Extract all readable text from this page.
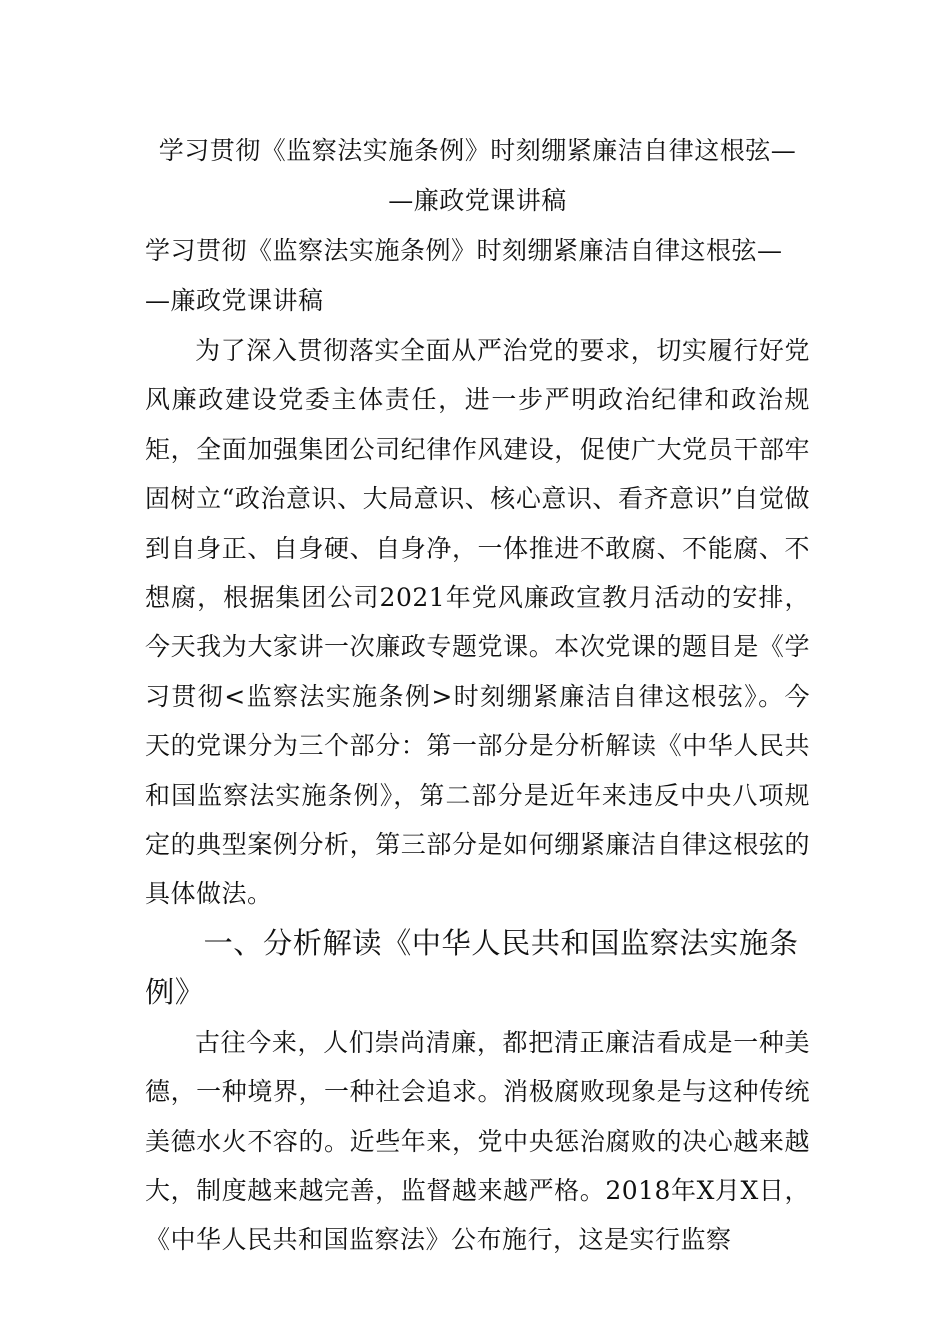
学习贯彻《监察法实施条例》时刻绷紧廉洁自律这根弦—
—廉政党课讲稿
学习贯彻《监察法实施条例》时刻绷紧廉洁自律这根弦—
—廉政党课讲稿

为了深入贯彻落实全面从严治党的要求，切实履行好党风廉政建设党委主体责任，进一步严明政治纪律和政治规矩，全面加强集团公司纪律作风建设，促使广大党员干部牢固树立“政治意识、大局意识、核心意识、看齐意识”自觉做到自身正、自身硬、自身净，一体推进不敢腐、不能腐、不想腐，根据集团公司2021年党风廉政宣教月活动的安排，今天我为大家讲一次廉政专题党课。本次党课的题目是《学习贯彻<监察法实施条例>时刻绷紧廉洁自律这根弦》。今天的党课分为三个部分：第一部分是分析解读《中华人民共和国监察法实施条例》，第二部分是近年来违反中央八项规定的典型案例分析，第三部分是如何绷紧廉洁自律这根弦的具体做法。

一、分析解读《中华人民共和国监察法实施条例》

古往今来，人们崇尚清廉，都把清正廉洁看成是一种美德，一种境界，一种社会追求。消极腐败现象是与这种传统美德水火不容的。近些年来，党中央惩治腐败的决心越来越大，制度越来越完善，监督越来越严格。2018年X月X日，《中华人民共和国监察法》公布施行，这是实行监察
